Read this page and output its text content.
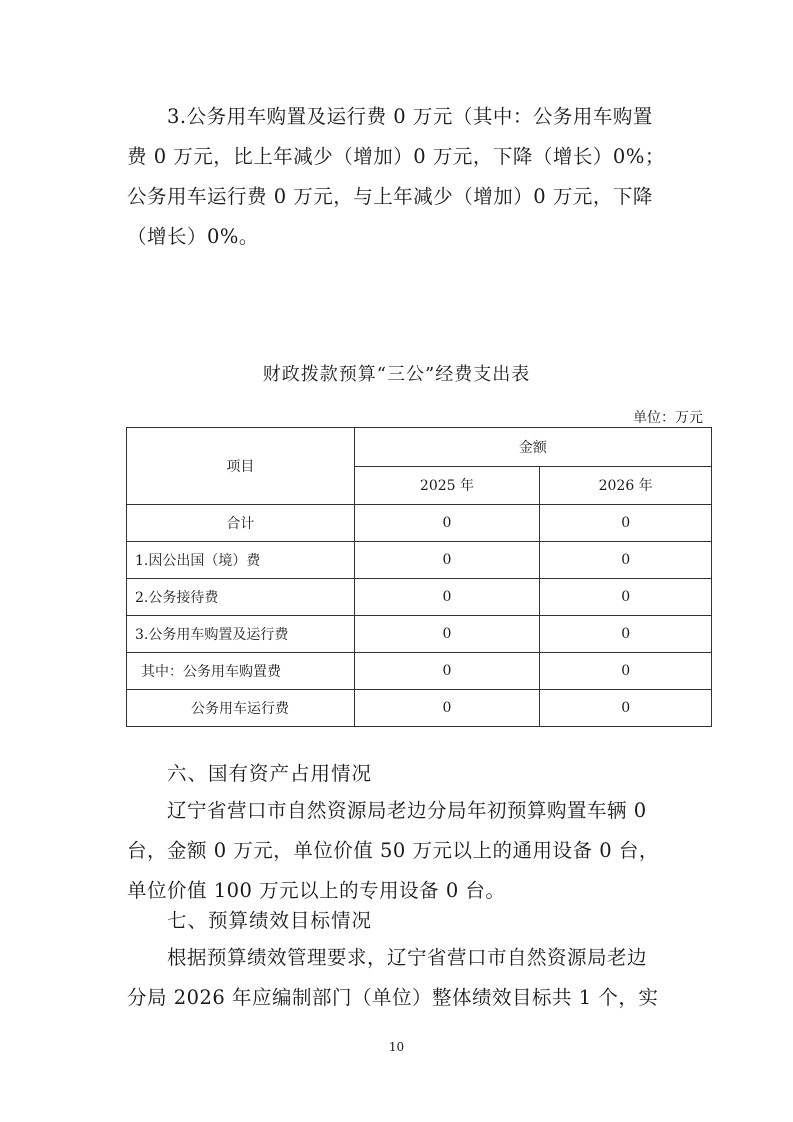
3.公务用车购置及运行费 0 万元（其中：公务用车购置
费 0 万元，比上年减少（增加）0 万元，下降（增长）0%；
公务用车运行费 0 万元，与上年减少（增加）0 万元，下降
（增长）0%。
财政拨款预算“三公”经费支出表
单位：万元
项目	金额	
	2025 年	2026 年
合计	0	0
1.因公出国（境）费	0	0
2.公务接待费	0	0
3.公务用车购置及运行费	0	0
其中：公务用车购置费	0	0
公务用车运行费	0	0
六、国有资产占用情况
辽宁省营口市自然资源局老边分局年初预算购置车辆 0
台，金额 0 万元，单位价值 50 万元以上的通用设备 0 台，
单位价值 100 万元以上的专用设备 0 台。
七、预算绩效目标情况
根据预算绩效管理要求，辽宁省营口市自然资源局老边
分局 2026 年应编制部门（单位）整体绩效目标共 1 个，实
10
